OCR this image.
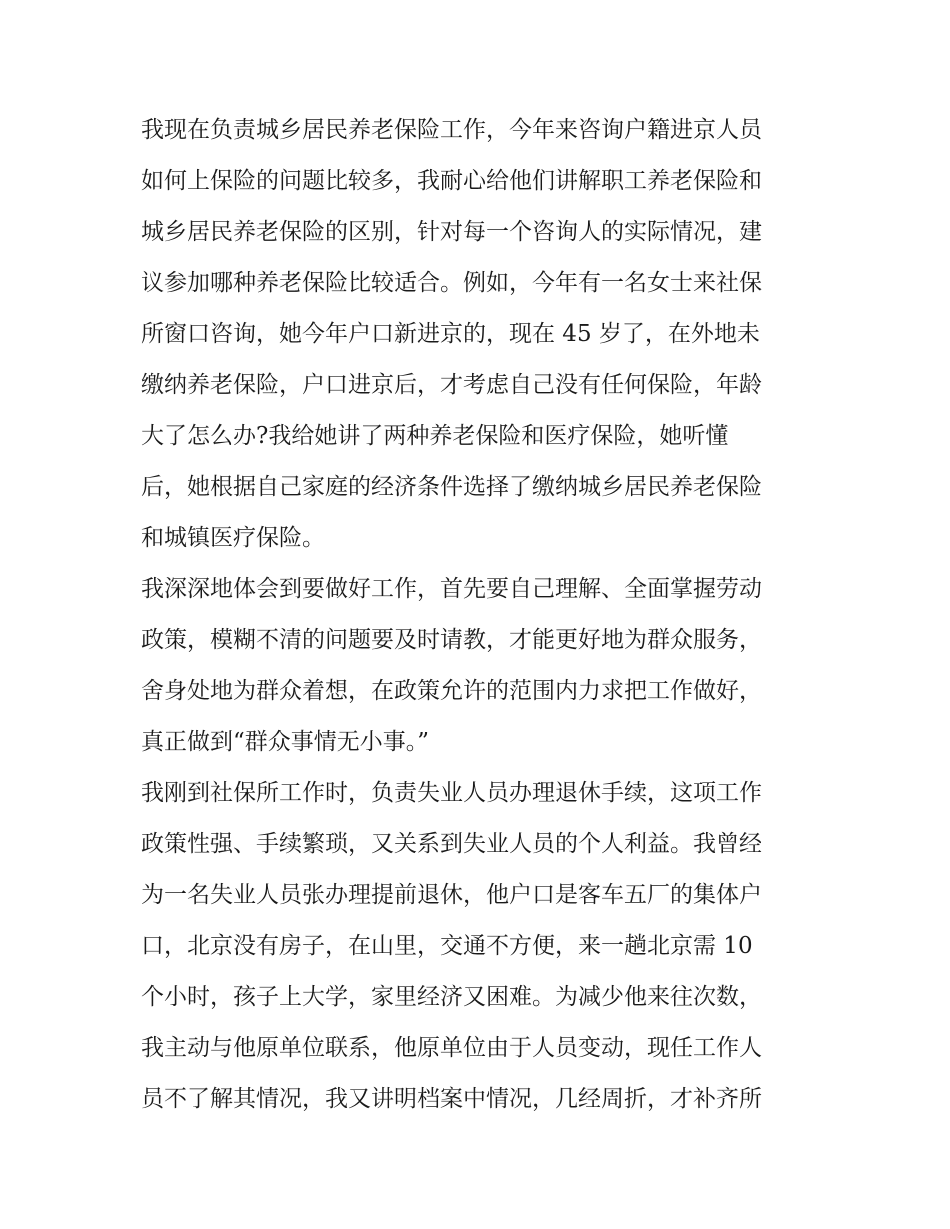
我现在负责城乡居民养老保险工作，今年来咨询户籍进京人员
如何上保险的问题比较多，我耐心给他们讲解职工养老保险和
城乡居民养老保险的区别，针对每一个咨询人的实际情况，建
议参加哪种养老保险比较适合。例如，今年有一名女士来社保
所窗口咨询，她今年户口新进京的，现在 45 岁了，在外地未
缴纳养老保险，户口进京后，才考虑自己没有任何保险，年龄
大了怎么办?我给她讲了两种养老保险和医疗保险，她听懂
后，她根据自己家庭的经济条件选择了缴纳城乡居民养老保险
和城镇医疗保险。
我深深地体会到要做好工作，首先要自己理解、全面掌握劳动
政策，模糊不清的问题要及时请教，才能更好地为群众服务，
舍身处地为群众着想，在政策允许的范围内力求把工作做好，
真正做到“群众事情无小事。”
我刚到社保所工作时，负责失业人员办理退休手续，这项工作
政策性强、手续繁琐，又关系到失业人员的个人利益。我曾经
为一名失业人员张办理提前退休，他户口是客车五厂的集体户
口，北京没有房子，在山里，交通不方便，来一趟北京需 10
个小时，孩子上大学，家里经济又困难。为减少他来往次数，
我主动与他原单位联系，他原单位由于人员变动，现任工作人
员不了解其情况，我又讲明档案中情况，几经周折，才补齐所
